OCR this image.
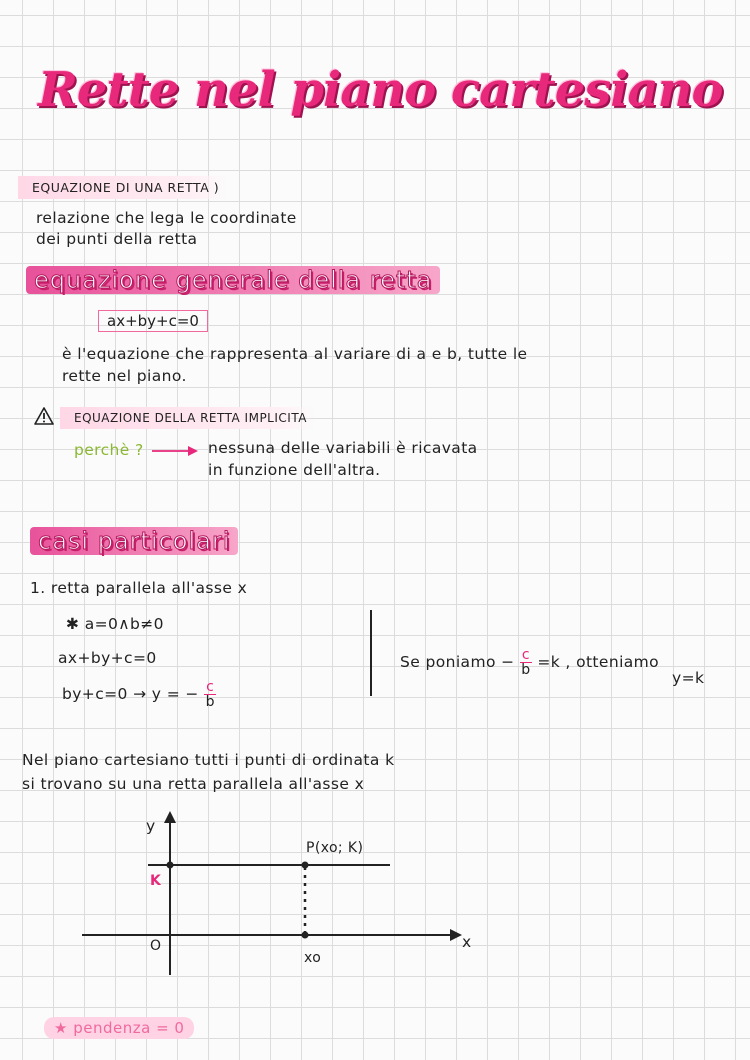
Rette nel piano cartesiano
EQUAZIONE DI UNA RETTA )
relazione che lega le coordinate
dei punti della retta
equazione generale della retta
ax+by+c=0
è l'equazione che rappresenta al variare di a e b, tutte le
rette nel piano.
EQUAZIONE DELLA RETTA IMPLICITA
perchè ?	nessuna delle variabili è ricavata
in funzione dell'altra.
casi particolari
1. retta parallela all'asse x
✱ a=0∧b≠0
ax+by+c=0
by+c=0 → y = − $\frac{c}{b}$
Se poniamo − $\frac{c}{b} =k$ , otteniamo
y=k
Nel piano cartesiano tutti i punti di ordinata k
si trovano su una retta parallela all'asse x
y
x
K
O
P(xo; K)
xo
★ pendenza = 0
